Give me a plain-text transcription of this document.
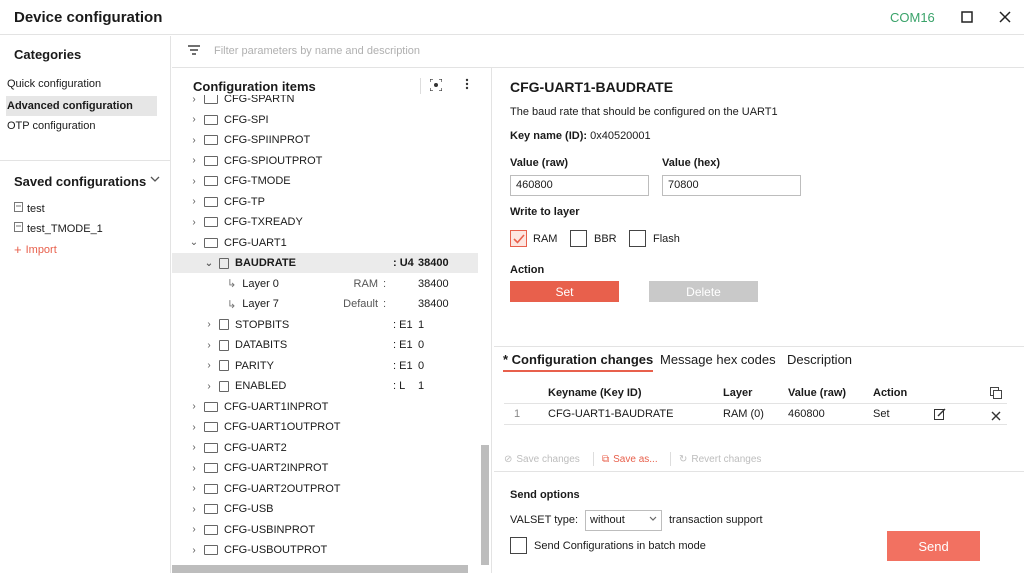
Device configuration	COM16
Categories
Quick configuration
Advanced configuration
OTP configuration
Saved configurations
test
test_TMODE_1
+ Import
Filter parameters by name and description
Configuration items
›	CFG-SPARTN
›	CFG-SPI
›	CFG-SPIINPROT
›	CFG-SPIOUTPROT
›	CFG-TMODE
›	CFG-TP
›	CFG-TXREADY
⌄ CFG-UART1
⌄ BAUDRATE	: U4 38400
↳ Layer 0	RAM :	38400
↳ Layer 7	Default :	38400
›	STOPBITS	: E1 1
›	DATABITS	: E1 0
›	PARITY	: E1 0
›	ENABLED	: L 1
›	CFG-UART1INPROT
›	CFG-UART1OUTPROT
›	CFG-UART2
›	CFG-UART2INPROT
›	CFG-UART2OUTPROT
›	CFG-USB
›	CFG-USBINPROT
›	CFG-USBOUTPROT
CFG-UART1-BAUDRATE
The baud rate that should be configured on the UART1
Key name (ID): 0x40520001
Value (raw)
460800
Value (hex)
70800
Write to layer
RAM	BBR	Flash
Action
Set	Delete
* Configuration changes Message hex codes Description
Keyname (Key ID)	Layer	Value (raw) Action
1	CFG-UART1-BAUDRATE	RAM (0) 460800	Set
⊘ Save changes ⧉ Save as... ↻ Revert changes
Send options
VALSET type: without	transaction support
Send Configurations in batch mode	Send
